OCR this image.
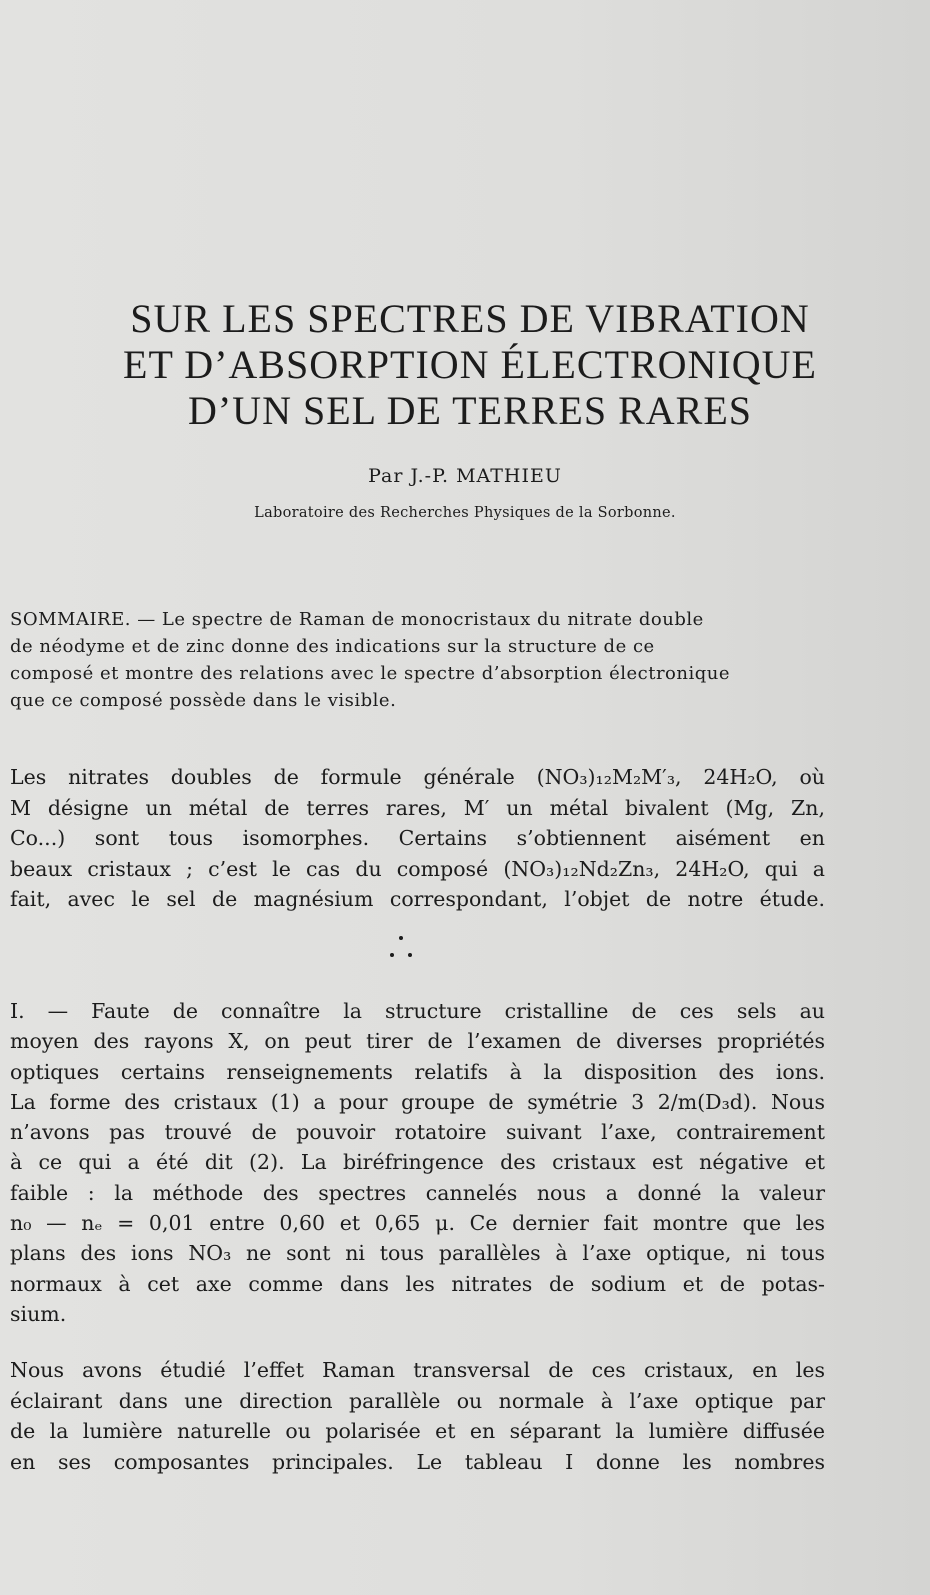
SUR LES SPECTRES DE VIBRATION
ET D’ABSORPTION ÉLECTRONIQUE
D’UN SEL DE TERRES RARES
Par J.-P. MATHIEU
Laboratoire des Recherches Physiques de la Sorbonne.
SOMMAIRE. — Le spectre de Raman de monocristaux du nitrate double
de néodyme et de zinc donne des indications sur la structure de ce
composé et montre des relations avec le spectre d’absorption électronique
que ce composé possède dans le visible.
Les nitrates doubles de formule générale (NO₃)₁₂M₂M′₃, 24H₂O, où
M désigne un métal de terres rares, M′ un métal bivalent (Mg, Zn,
Co...) sont tous isomorphes. Certains s’obtiennent aisément en
beaux cristaux ; c’est le cas du composé (NO₃)₁₂Nd₂Zn₃, 24H₂O, qui a
fait, avec le sel de magnésium correspondant, l’objet de notre étude.
I. — Faute de connaître la structure cristalline de ces sels au
moyen des rayons X, on peut tirer de l’examen de diverses propriétés
optiques certains renseignements relatifs à la disposition des ions.
La forme des cristaux (1) a pour groupe de symétrie 3 2/m(D₃d). Nous
n’avons pas trouvé de pouvoir rotatoire suivant l’axe, contrairement
à ce qui a été dit (2). La biréfringence des cristaux est négative et
faible : la méthode des spectres cannelés nous a donné la valeur
n₀ — nₑ = 0,01 entre 0,60 et 0,65 μ. Ce dernier fait montre que les
plans des ions NO₃ ne sont ni tous parallèles à l’axe optique, ni tous
normaux à cet axe comme dans les nitrates de sodium et de potas-
sium.
Nous avons étudié l’effet Raman transversal de ces cristaux, en les
éclairant dans une direction parallèle ou normale à l’axe optique par
de la lumière naturelle ou polarisée et en séparant la lumière diffusée
en ses composantes principales. Le tableau I donne les nombres
